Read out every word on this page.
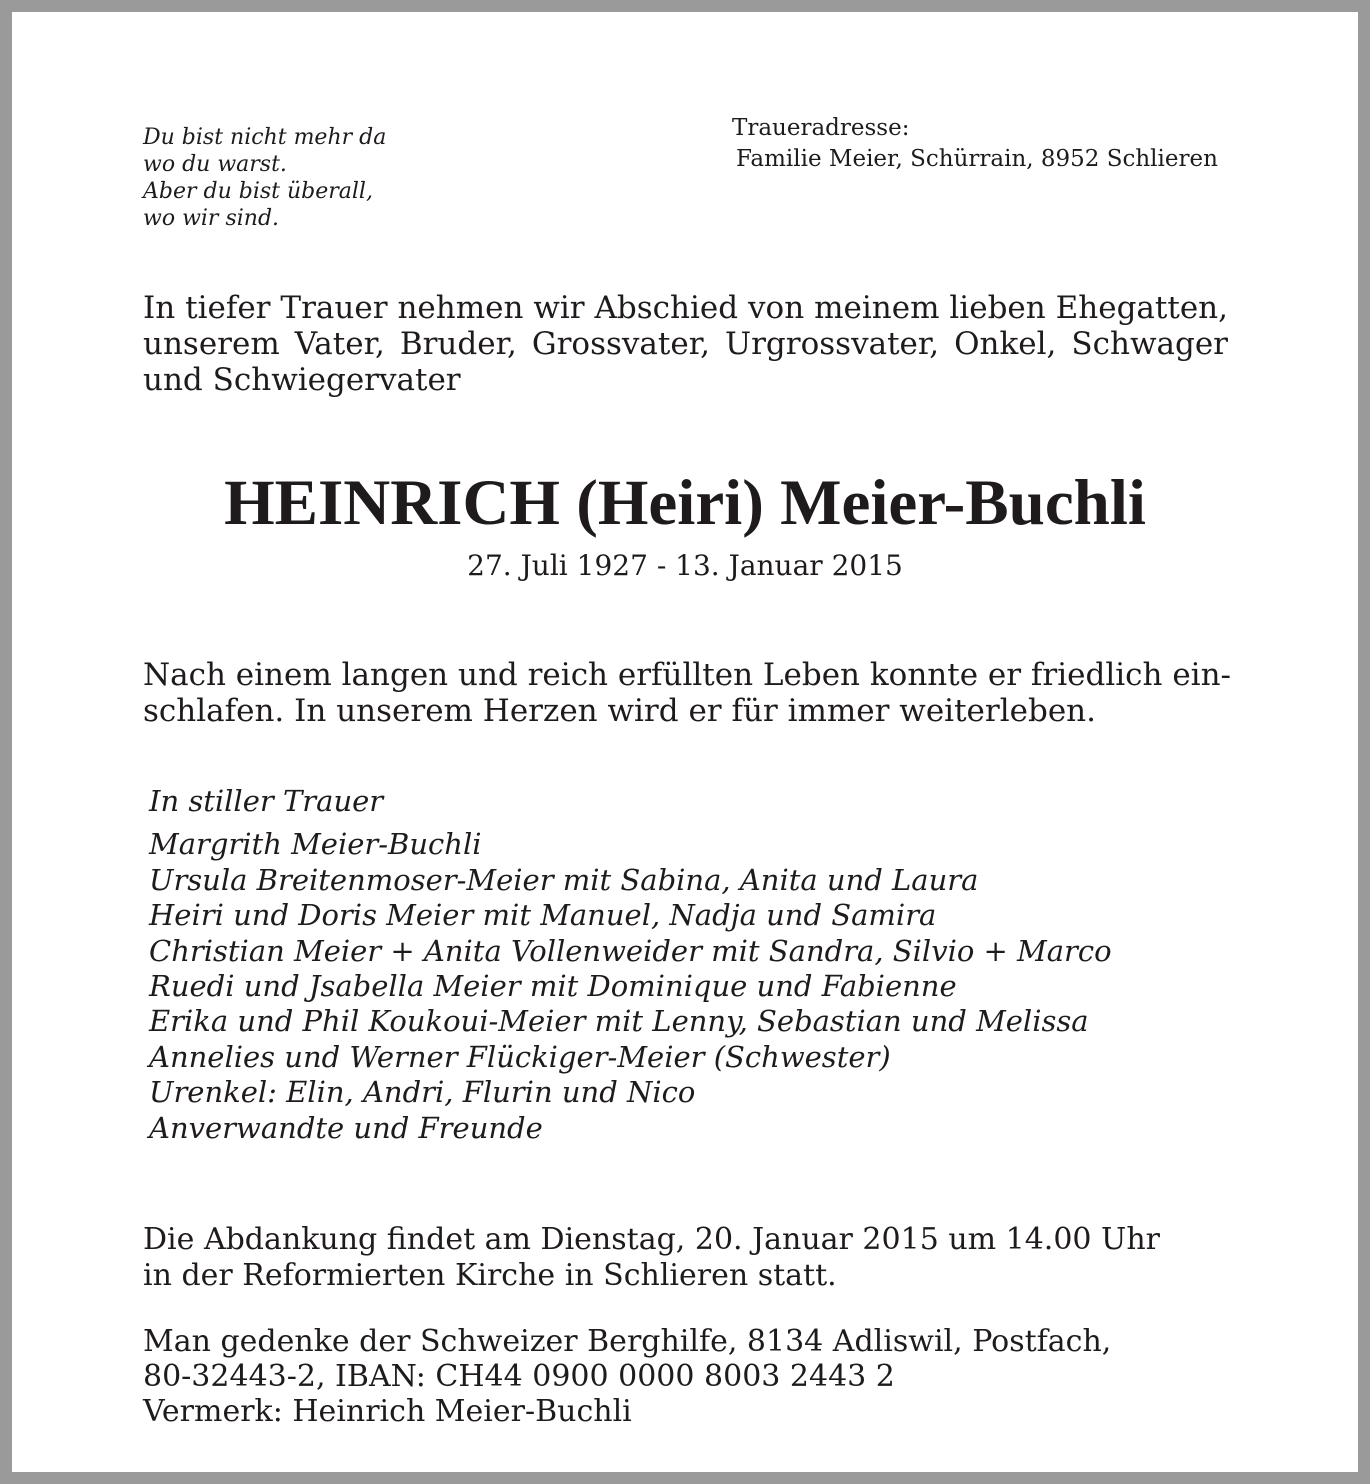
Du bist nicht mehr da
wo du warst.
Aber du bist überall,
wo wir sind.
Traueradresse:
Familie Meier, Schürrain, 8952 Schlieren
In tiefer Trauer nehmen wir Abschied von meinem lieben Ehegatten, unserem Vater, Bruder, Grossvater, Urgrossvater, Onkel, Schwager und Schwiegervater
HEINRICH (Heiri) Meier-Buchli
27. Juli 1927 - 13. Januar 2015
Nach einem langen und reich erfüllten Leben konnte er friedlich ein-
schlafen. In unserem Herzen wird er für immer weiterleben.
In stiller Trauer
Margrith Meier-Buchli
Ursula Breitenmoser-Meier mit Sabina, Anita und Laura
Heiri und Doris Meier mit Manuel, Nadja und Samira
Christian Meier + Anita Vollenweider mit Sandra, Silvio + Marco
Ruedi und Jsabella Meier mit Dominique und Fabienne
Erika und Phil Koukoui-Meier mit Lenny, Sebastian und Melissa
Annelies und Werner Flückiger-Meier (Schwester)
Urenkel: Elin, Andri, Flurin und Nico
Anverwandte und Freunde
Die Abdankung findet am Dienstag, 20. Januar 2015 um 14.00 Uhr
in der Reformierten Kirche in Schlieren statt.
Man gedenke der Schweizer Berghilfe, 8134 Adliswil, Postfach,
80-32443-2, IBAN: CH44 0900 0000 8003 2443 2
Vermerk: Heinrich Meier-Buchli
